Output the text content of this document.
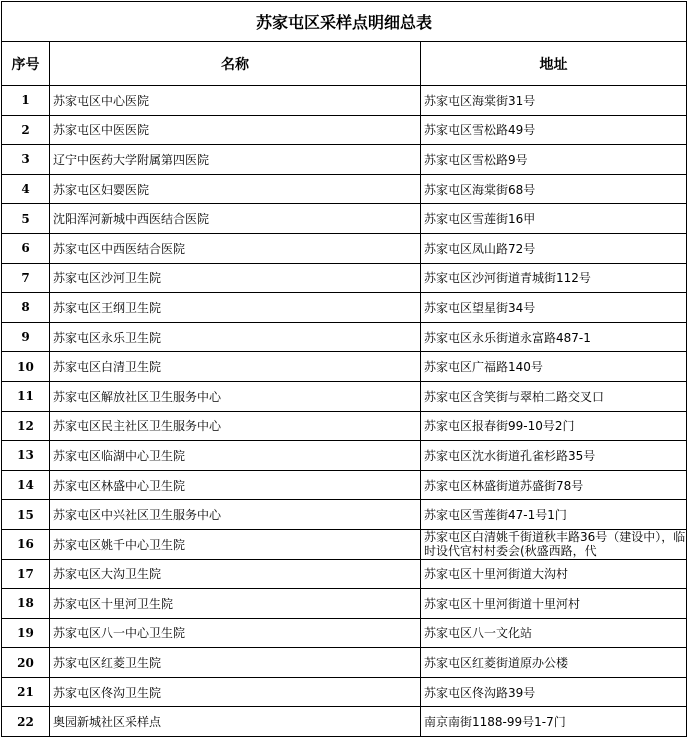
苏家屯区采样点明细总表		
序号	名称	地址
1	苏家屯区中心医院	苏家屯区海棠街31号
2	苏家屯区中医医院	苏家屯区雪松路49号
3	辽宁中医药大学附属第四医院	苏家屯区雪松路9号
4	苏家屯区妇婴医院	苏家屯区海棠街68号
5	沈阳浑河新城中西医结合医院	苏家屯区雪莲街16甲
6	苏家屯区中西医结合医院	苏家屯区凤山路72号
7	苏家屯区沙河卫生院	苏家屯区沙河街道青城街112号
8	苏家屯区王纲卫生院	苏家屯区望星街34号
9	苏家屯区永乐卫生院	苏家屯区永乐街道永富路487-1
10	苏家屯区白清卫生院	苏家屯区广福路140号
11	苏家屯区解放社区卫生服务中心	苏家屯区含笑街与翠柏二路交叉口
12	苏家屯区民主社区卫生服务中心	苏家屯区报春街99-10号2门
13	苏家屯区临湖中心卫生院	苏家屯区沈水街道孔雀杉路35号
14	苏家屯区林盛中心卫生院	苏家屯区林盛街道苏盛街78号
15	苏家屯区中兴社区卫生服务中心	苏家屯区雪莲街47-1号1门
16	苏家屯区姚千中心卫生院	苏家屯区白清姚千街道秋丰路36号（建设中），临时设代官村村委会(秋盛西路，代

17	苏家屯区大沟卫生院	苏家屯区十里河街道大沟村
18	苏家屯区十里河卫生院	苏家屯区十里河街道十里河村
19	苏家屯区八一中心卫生院	苏家屯区八一文化站
20	苏家屯区红菱卫生院	苏家屯区红菱街道原办公楼
21	苏家屯区佟沟卫生院	苏家屯区佟沟路39号
22	奥园新城社区采样点	南京南街1188-99号1-7门
